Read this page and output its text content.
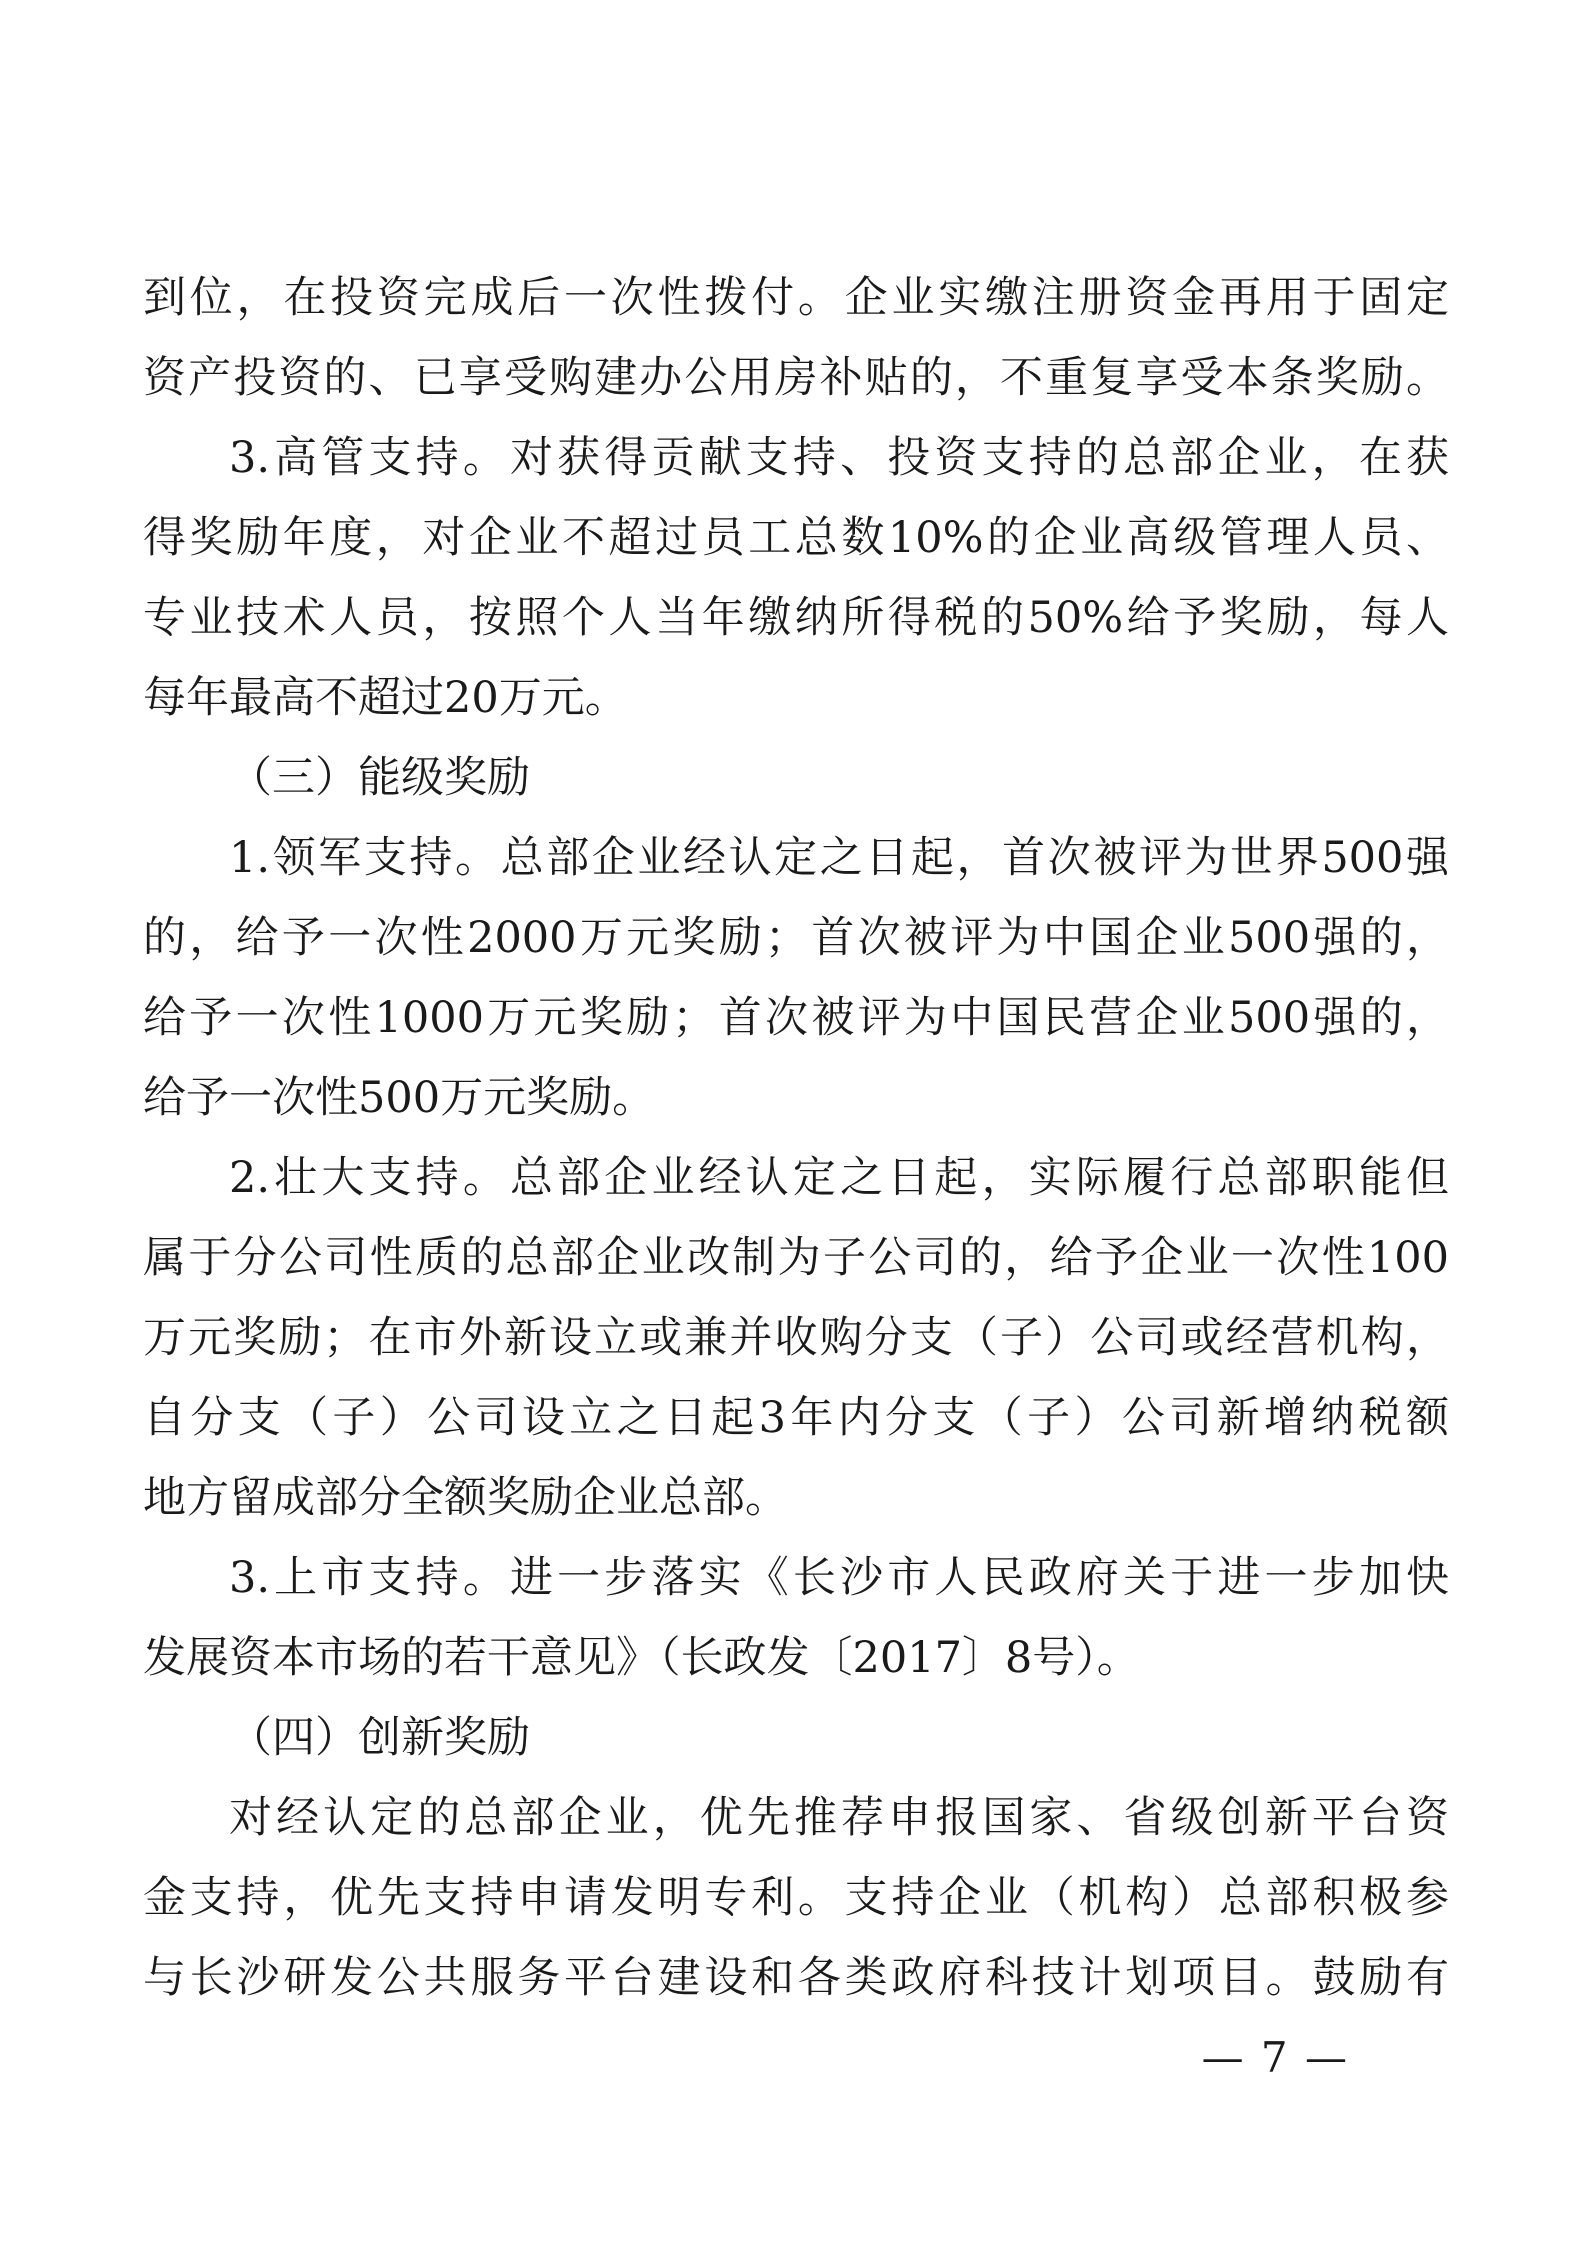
到位，在投资完成后一次性拨付。企业实缴注册资金再用于固定
资产投资的、已享受购建办公用房补贴的，不重复享受本条奖励。
3.高管支持。对获得贡献支持、投资支持的总部企业，在获
得奖励年度，对企业不超过员工总数10%的企业高级管理人员、
专业技术人员，按照个人当年缴纳所得税的50%给予奖励，每人
每年最高不超过20万元。
（三）能级奖励
1.领军支持。总部企业经认定之日起，首次被评为世界500强
的，给予一次性2000万元奖励；首次被评为中国企业500强的，
给予一次性1000万元奖励；首次被评为中国民营企业500强的，
给予一次性500万元奖励。
2.壮大支持。总部企业经认定之日起，实际履行总部职能但
属于分公司性质的总部企业改制为子公司的，给予企业一次性100
万元奖励；在市外新设立或兼并收购分支（子）公司或经营机构，
自分支（子）公司设立之日起3年内分支（子）公司新增纳税额
地方留成部分全额奖励企业总部。
3.上市支持。进一步落实《长沙市人民政府关于进一步加快
发展资本市场的若干意见》（长政发〔2017〕8号）。
（四）创新奖励
对经认定的总部企业，优先推荐申报国家、省级创新平台资
金支持，优先支持申请发明专利。支持企业（机构）总部积极参
与长沙研发公共服务平台建设和各类政府科技计划项目。鼓励有
— 7 —
